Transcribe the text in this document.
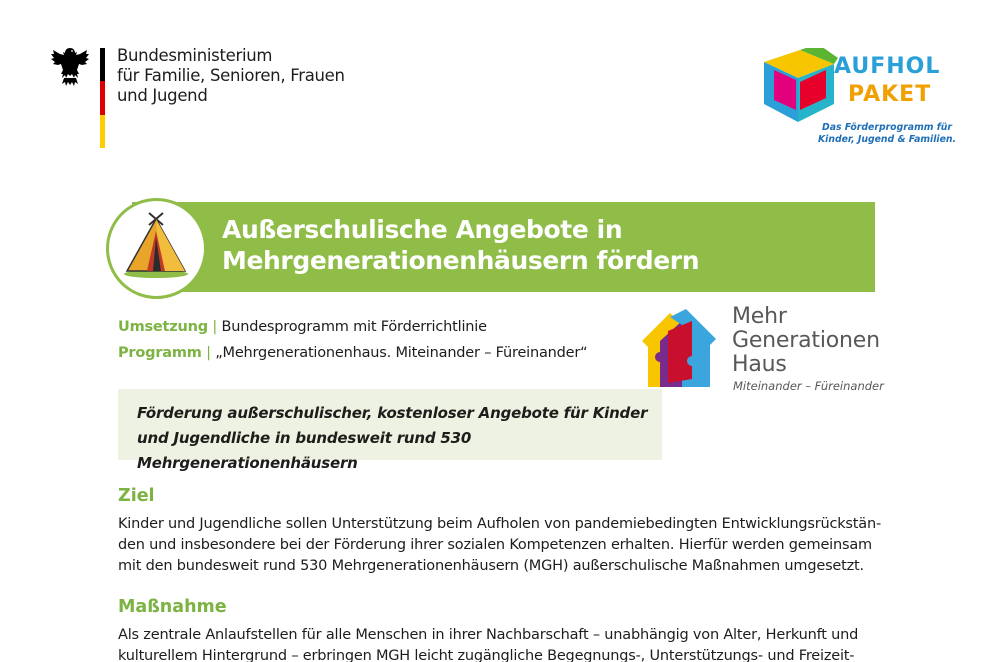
Bundesministerium
für Familie, Senioren, Frauen
und Jugend
AUFHOL
PAKET
Das Förderprogramm für
Kinder, Jugend & Familien.
Außerschulische Angebote in
Mehrgenerationenhäusern fördern
Umsetzung | Bundesprogramm mit Förderrichtlinie
Programm | „Mehrgenerationenhaus. Miteinander – Füreinander“
Mehr
Generationen
Haus
Miteinander – Füreinander
Förderung außerschulischer, kostenloser Angebote für Kinder
und Jugendliche in bundesweit rund 530 Mehrgenerationenhäusern
Ziel
Kinder und Jugendliche sollen Unterstützung beim Aufholen von pandemiebedingten Entwicklungsrückstän-
den und insbesondere bei der Förderung ihrer sozialen Kompetenzen erhalten. Hierfür werden gemeinsam
mit den bundesweit rund 530 Mehrgenerationenhäusern (MGH) außerschulische Maßnahmen umgesetzt.
Maßnahme
Als zentrale Anlaufstellen für alle Menschen in ihrer Nachbarschaft – unabhängig von Alter, Herkunft und
kulturellem Hintergrund – erbringen MGH leicht zugängliche Begegnungs-, Unterstützungs- und Freizeit-
